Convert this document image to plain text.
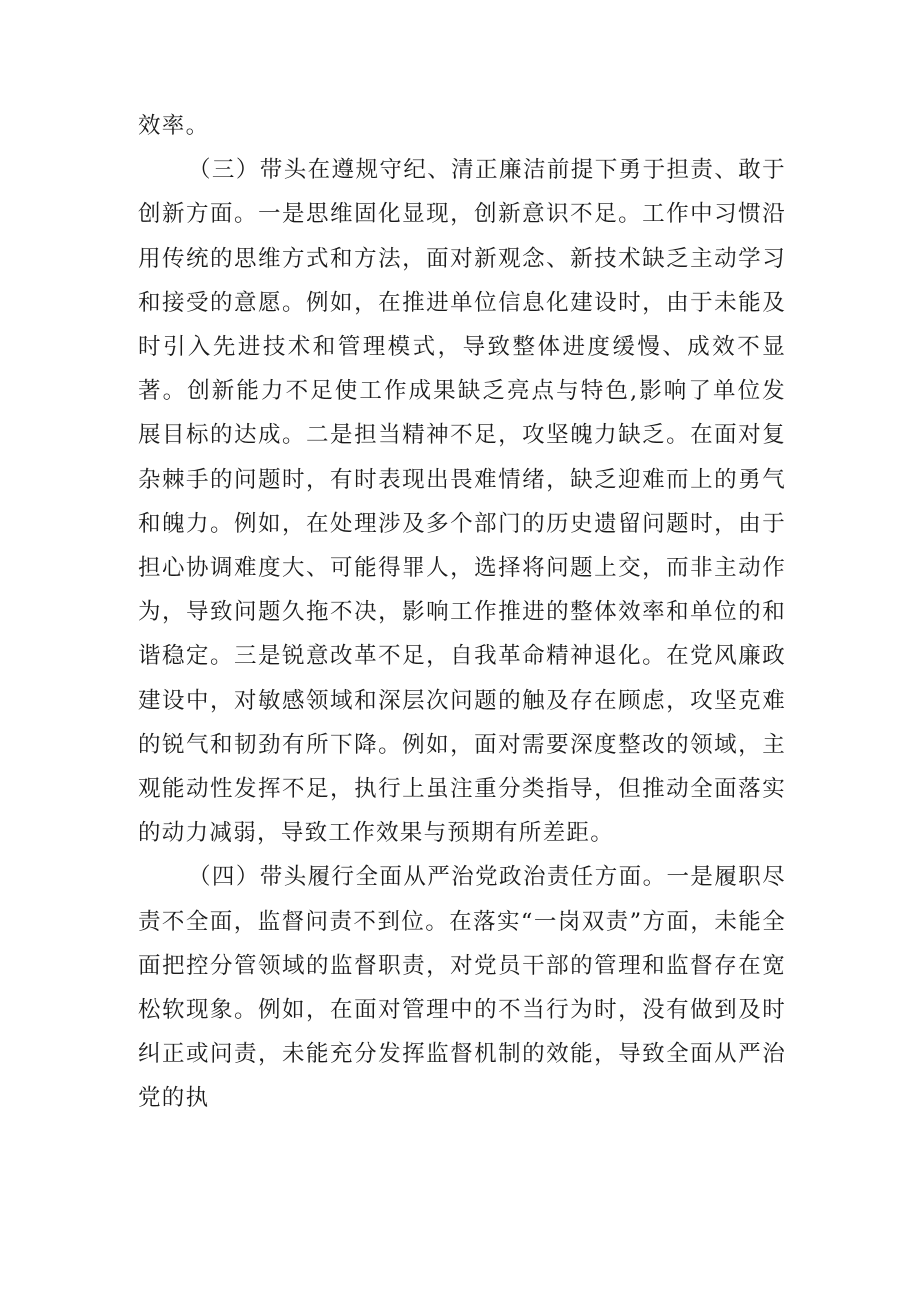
效率。

（三）带头在遵规守纪、清正廉洁前提下勇于担责、敢于创新方面。一是思维固化显现，创新意识不足。工作中习惯沿用传统的思维方式和方法，面对新观念、新技术缺乏主动学习和接受的意愿。例如，在推进单位信息化建设时，由于未能及时引入先进技术和管理模式，导致整体进度缓慢、成效不显著。创新能力不足使工作成果缺乏亮点与特色,影响了单位发展目标的达成。二是担当精神不足，攻坚魄力缺乏。在面对复杂棘手的问题时，有时表现出畏难情绪，缺乏迎难而上的勇气和魄力。例如，在处理涉及多个部门的历史遗留问题时，由于担心协调难度大、可能得罪人，选择将问题上交，而非主动作为，导致问题久拖不决，影响工作推进的整体效率和单位的和谐稳定。三是锐意改革不足，自我革命精神退化。在党风廉政建设中，对敏感领域和深层次问题的触及存在顾虑，攻坚克难的锐气和韧劲有所下降。例如，面对需要深度整改的领域，主观能动性发挥不足，执行上虽注重分类指导，但推动全面落实的动力减弱，导致工作效果与预期有所差距。

（四）带头履行全面从严治党政治责任方面。一是履职尽责不全面，监督问责不到位。在落实“一岗双责”方面，未能全面把控分管领域的监督职责，对党员干部的管理和监督存在宽松软现象。例如，在面对管理中的不当行为时，没有做到及时纠正或问责，未能充分发挥监督机制的效能，导致全面从严治党的执
